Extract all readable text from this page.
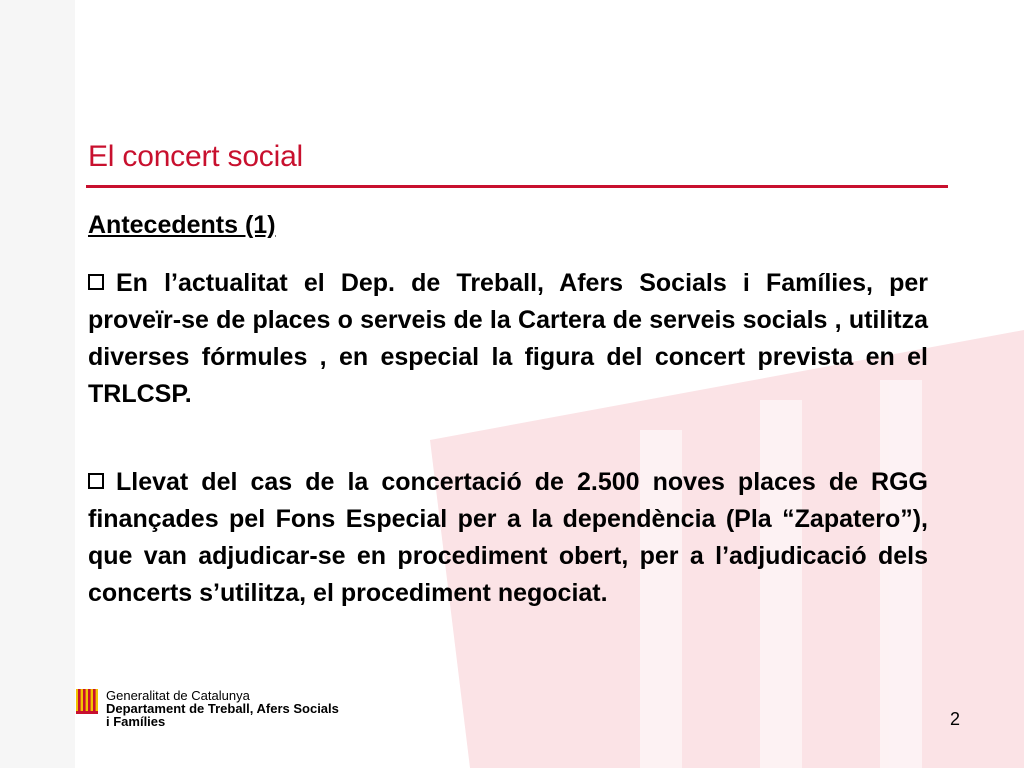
El concert social
Antecedents (1)

En l’actualitat el Dep. de Treball, Afers Socials i Famílies, per proveïr-se de places o serveis de la Cartera de serveis socials , utilitza diverses fórmules , en especial la figura del concert prevista en el TRLCSP.

Llevat del cas de la concertació de 2.500 noves places de RGG finançades pel Fons Especial per a la dependència (Pla “Zapatero”), que van adjudicar-se en procediment obert, per a l’adjudicació dels concerts s’utilitza, el procediment negociat.

Generalitat de Catalunya
Departament de Treball, Afers Socials
i Famílies	2
